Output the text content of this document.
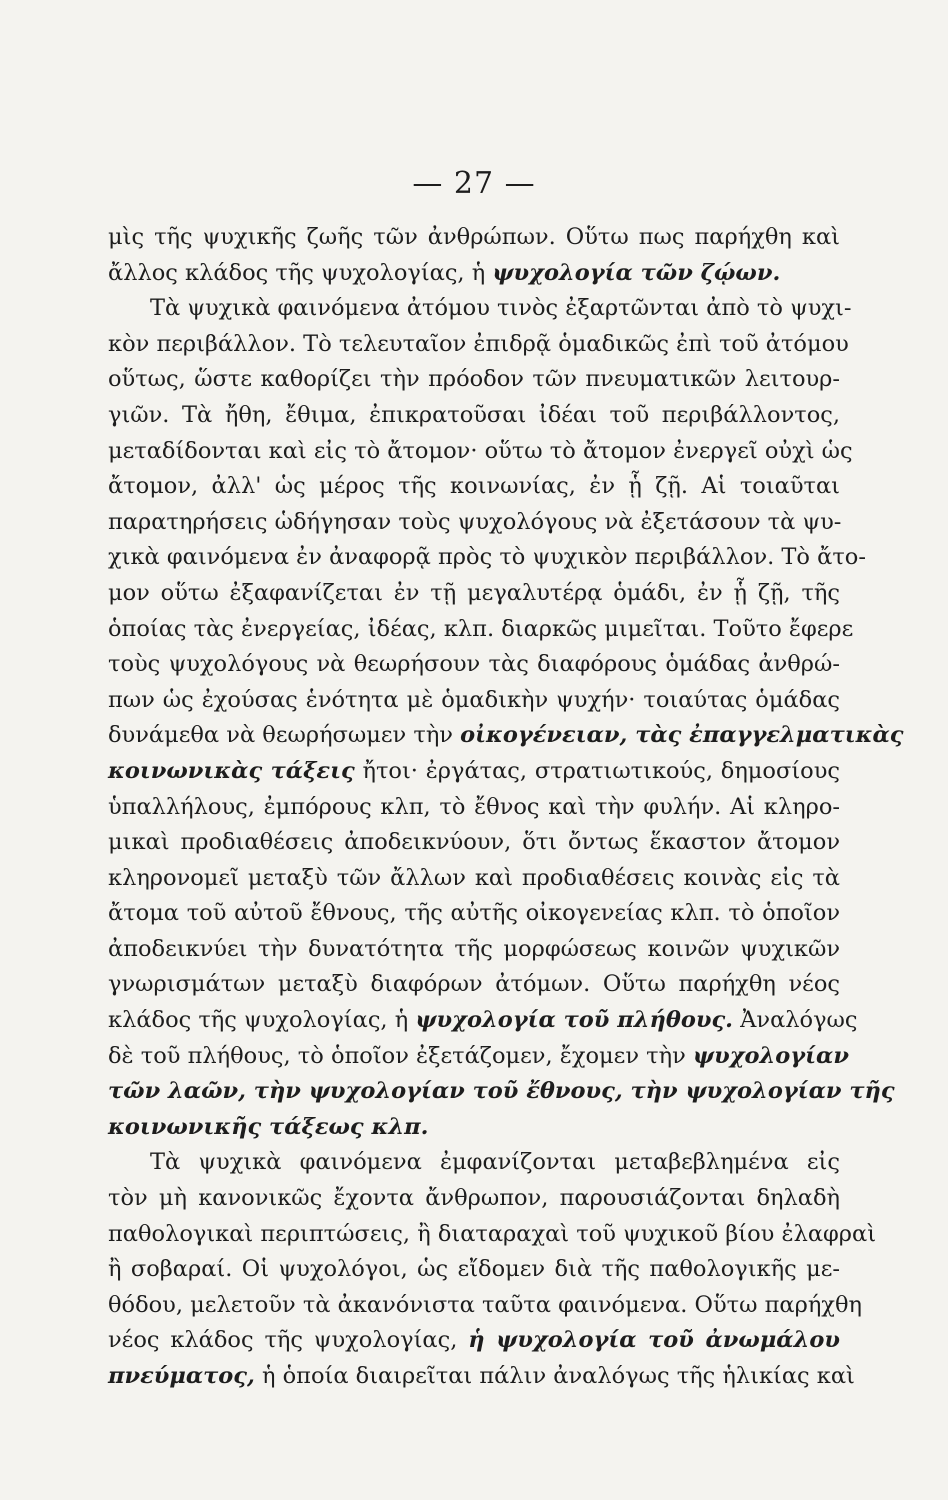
— 27 —
μὶς τῆς ψυχικῆς ζωῆς τῶν ἀνθρώπων. Οὕτω πως παρήχθη καὶ
ἄλλος κλάδος τῆς ψυχολογίας, ἡ ψυχολογία τῶν ζῴων.
Τὰ ψυχικὰ φαινόμενα ἀτόμου τινὸς ἐξαρτῶνται ἀπὸ τὸ ψυχι-
κὸν περιβάλλον. Τὸ τελευταῖον ἐπιδρᾷ ὁμαδικῶς ἐπὶ τοῦ ἀτόμου
οὕτως, ὥστε καθορίζει τὴν πρόοδον τῶν πνευματικῶν λειτουρ-
γιῶν. Τὰ ἤθη, ἔθιμα, ἐπικρατοῦσαι ἰδέαι τοῦ περιβάλλοντος,
μεταδίδονται καὶ εἰς τὸ ἄτομον· οὕτω τὸ ἄτομον ἐνεργεῖ οὐχὶ ὡς
ἄτομον, ἀλλ' ὡς μέρος τῆς κοινωνίας, ἐν ᾗ ζῇ. Αἱ τοιαῦται
παρατηρήσεις ὡδήγησαν τοὺς ψυχολόγους νὰ ἐξετάσουν τὰ ψυ-
χικὰ φαινόμενα ἐν ἀναφορᾷ πρὸς τὸ ψυχικὸν περιβάλλον. Τὸ ἄτο-
μον οὕτω ἐξαφανίζεται ἐν τῇ μεγαλυτέρᾳ ὁμάδι, ἐν ᾗ ζῇ, τῆς
ὁποίας τὰς ἐνεργείας, ἰδέας, κλπ. διαρκῶς μιμεῖται. Τοῦτο ἔφερε
τοὺς ψυχολόγους νὰ θεωρήσουν τὰς διαφόρους ὁμάδας ἀνθρώ-
πων ὡς ἐχούσας ἑνότητα μὲ ὁμαδικὴν ψυχήν· τοιαύτας ὁμάδας
δυνάμεθα νὰ θεωρήσωμεν τὴν οἰκογένειαν, τὰς ἐπαγγελματικὰς
κοινωνικὰς τάξεις ἤτοι· ἐργάτας, στρατιωτικούς, δημοσίους
ὑπαλλήλους, ἐμπόρους κλπ, τὸ ἔθνος καὶ τὴν φυλήν. Αἱ κληρο-
μικαὶ προδιαθέσεις ἀποδεικνύουν, ὅτι ὄντως ἕκαστον ἄτομον
κληρονομεῖ μεταξὺ τῶν ἄλλων καὶ προδιαθέσεις κοινὰς εἰς τὰ
ἄτομα τοῦ αὐτοῦ ἔθνους, τῆς αὐτῆς οἰκογενείας κλπ. τὸ ὁποῖον
ἀποδεικνύει τὴν δυνατότητα τῆς μορφώσεως κοινῶν ψυχικῶν
γνωρισμάτων μεταξὺ διαφόρων ἀτόμων. Οὕτω παρήχθη νέος
κλάδος τῆς ψυχολογίας, ἡ ψυχολογία τοῦ πλήθους. Ἀναλόγως
δὲ τοῦ πλήθους, τὸ ὁποῖον ἐξετάζομεν, ἔχομεν τὴν ψυχολογίαν
τῶν λαῶν, τὴν ψυχολογίαν τοῦ ἔθνους, τὴν ψυχολογίαν τῆς
κοινωνικῆς τάξεως κλπ.
Τὰ ψυχικὰ φαινόμενα ἐμφανίζονται μεταβεβλημένα εἰς
τὸν μὴ κανονικῶς ἔχοντα ἄνθρωπον, παρουσιάζονται δηλαδὴ
παθολογικαὶ περιπτώσεις, ἢ διαταραχαὶ τοῦ ψυχικοῦ βίου ἐλαφραὶ
ἢ σοβαραί. Οἱ ψυχολόγοι, ὡς εἴδομεν διὰ τῆς παθολογικῆς με-
θόδου, μελετοῦν τὰ ἀκανόνιστα ταῦτα φαινόμενα. Οὕτω παρήχθη
νέος κλάδος τῆς ψυχολογίας, ἡ ψυχολογία τοῦ ἀνωμάλου
πνεύματος, ἡ ὁποία διαιρεῖται πάλιν ἀναλόγως τῆς ἡλικίας καὶ
